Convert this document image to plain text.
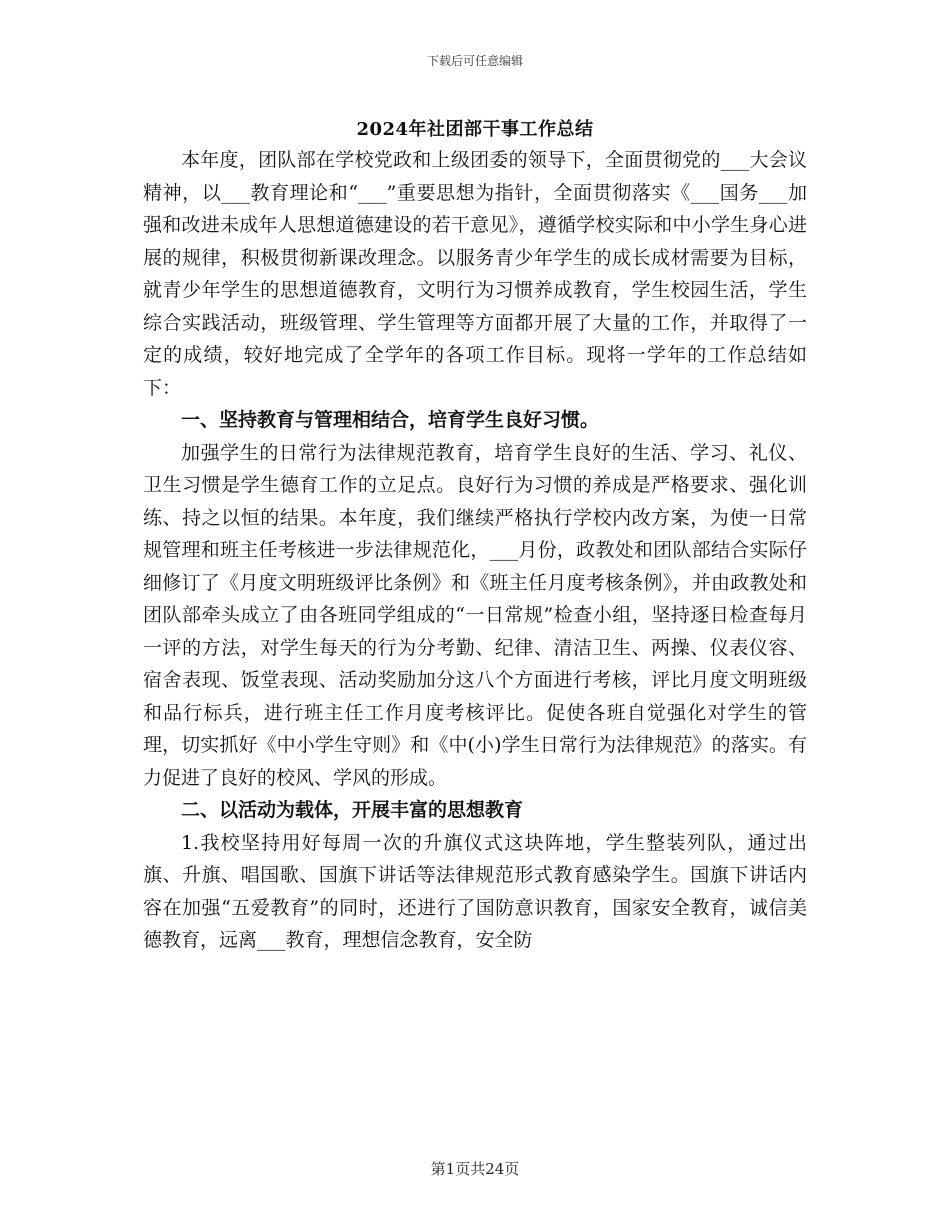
下载后可任意编辑
2024年社团部干事工作总结

本年度，团队部在学校党政和上级团委的领导下，全面贯彻党的___大会议精神，以___教育理论和“___”重要思想为指针，全面贯彻落实《___国务___加强和改进未成年人思想道德建设的若干意见》，遵循学校实际和中小学生身心进展的规律，积极贯彻新课改理念。以服务青少年学生的成长成材需要为目标，就青少年学生的思想道德教育，文明行为习惯养成教育，学生校园生活，学生综合实践活动，班级管理、学生管理等方面都开展了大量的工作，并取得了一定的成绩，较好地完成了全学年的各项工作目标。现将一学年的工作总结如下：

一、坚持教育与管理相结合，培育学生良好习惯。

加强学生的日常行为法律规范教育，培育学生良好的生活、学习、礼仪、卫生习惯是学生德育工作的立足点。良好行为习惯的养成是严格要求、强化训练、持之以恒的结果。本年度，我们继续严格执行学校内改方案，为使一日常规管理和班主任考核进一步法律规范化，___月份，政教处和团队部结合实际仔细修订了《月度文明班级评比条例》和《班主任月度考核条例》，并由政教处和团队部牵头成立了由各班同学组成的“一日常规”检查小组，坚持逐日检查每月一评的方法，对学生每天的行为分考勤、纪律、清洁卫生、两操、仪表仪容、宿舍表现、饭堂表现、活动奖励加分这八个方面进行考核，评比月度文明班级和品行标兵，进行班主任工作月度考核评比。促使各班自觉强化对学生的管理，切实抓好《中小学生守则》和《中(小)学生日常行为法律规范》的落实。有力促进了良好的校风、学风的形成。

二、以活动为载体，开展丰富的思想教育

1.我校坚持用好每周一次的升旗仪式这块阵地，学生整装列队，通过出旗、升旗、唱国歌、国旗下讲话等法律规范形式教育感染学生。国旗下讲话内容在加强“五爱教育”的同时，还进行了国防意识教育，国家安全教育，诚信美德教育，远离___教育，理想信念教育，安全防

第1页共24页
